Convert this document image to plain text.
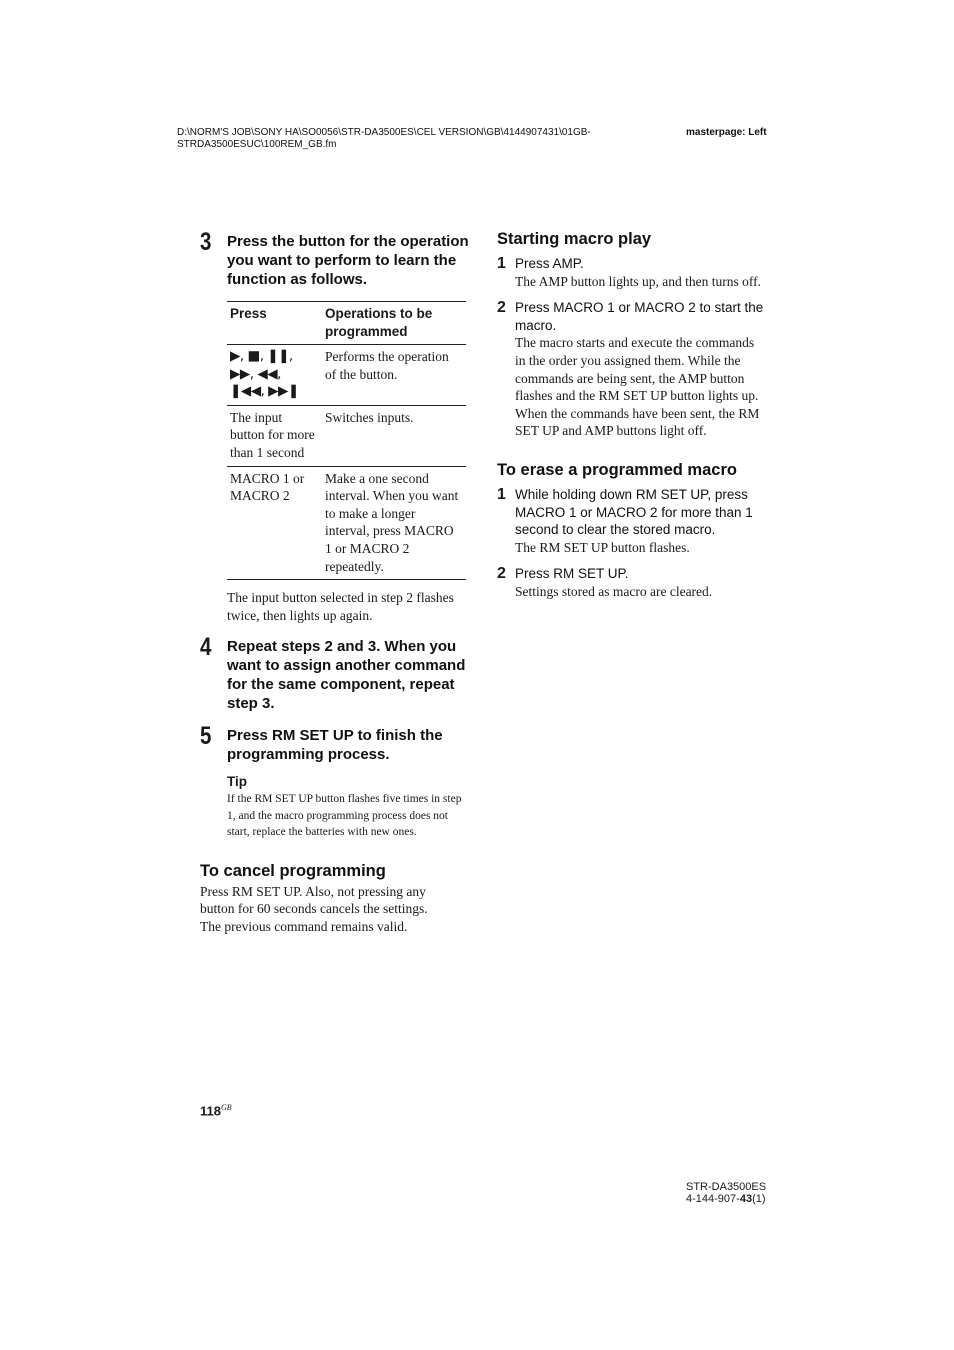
D:\NORM'S JOB\SONY HA\SO0056\STR-DA3500ES\CEL VERSION\GB\4144907431\01GB-
STRDA3500ESUC\100REM_GB.fm
masterpage: Left
3 Press the button for the operation you want to perform to learn the function as follows.
Press	Operations to be programmed
▶, ■, ❚❚, ▶▶, ◀◀, ❚◀◀, ▶▶❚	Performs the operation of the button.
The input button for more than 1 second	Switches inputs.
MACRO 1 or MACRO 2	Make a one second interval. When you want to make a longer interval, press MACRO 1 or MACRO 2 repeatedly.
The input button selected in step 2 flashes twice, then lights up again.
4 Repeat steps 2 and 3. When you want to assign another command for the same component, repeat step 3.
5 Press RM SET UP to finish the programming process.
Tip
If the RM SET UP button flashes five times in step 1, and the macro programming process does not start, replace the batteries with new ones.
To cancel programming
Press RM SET UP. Also, not pressing any button for 60 seconds cancels the settings. The previous command remains valid.
Starting macro play
1 Press AMP.
The AMP button lights up, and then turns off.
2 Press MACRO 1 or MACRO 2 to start the macro.
The macro starts and execute the commands in the order you assigned them. While the commands are being sent, the AMP button flashes and the RM SET UP button lights up. When the commands have been sent, the RM SET UP and AMP buttons light off.
To erase a programmed macro
1 While holding down RM SET UP, press MACRO 1 or MACRO 2 for more than 1 second to clear the stored macro.
The RM SET UP button flashes.
2 Press RM SET UP.
Settings stored as macro are cleared.
$118^{GB}$
STR-DA3500ES
4-144-907-43(1)
